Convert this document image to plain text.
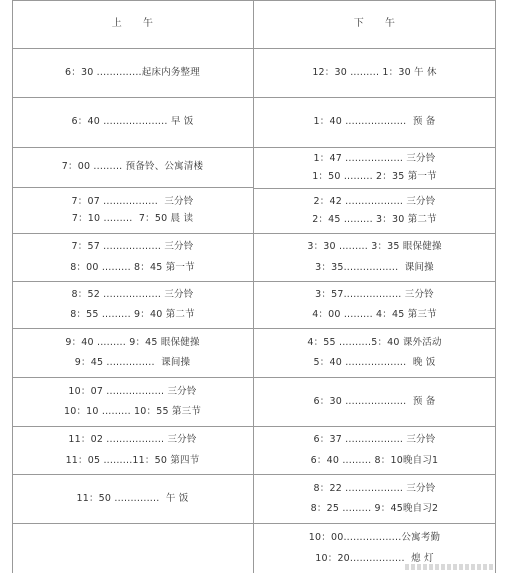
上　　午	下　　午
6：30 ..............起床内务整理
6：40 .................... 早 饭
7：00 ......... 预备铃、公寓清楼
7：07 .................  三分铃
7：10 .........  7：50 晨 读
7：57 .................. 三分铃
8：00 ......... 8：45 第一节
8：52 .................. 三分铃
8：55 ......... 9：40 第二节
9：40 ......... 9：45 眼保健操
9：45 ...............  课间操
10：07 .................. 三分铃
10：10 ......... 10：55 第三节
11：02 .................. 三分铃
11：05 .........11：50 第四节
11：50 ..............  午 饭
12：30 ......... 1：30 午 休
1：40 ...................  预 备
1：47 .................. 三分铃
1：50 ......... 2：35 第一节
2：42 .................. 三分铃
2：45 ......... 3：30 第二节
3：30 ......... 3：35 眼保健操
3：35.................  课间操
3：57.................. 三分铃
4：00 ......... 4：45 第三节
4：55 ..........5：40 课外活动
5：40 ...................  晚 饭
6：30 ...................  预 备
6：37 .................. 三分铃
6：40 ......... 8：10晚自习1
8：22 .................. 三分铃
8：25 ......... 9：45晚自习2
10：00..................公寓考勤
10：20.................  熄 灯
